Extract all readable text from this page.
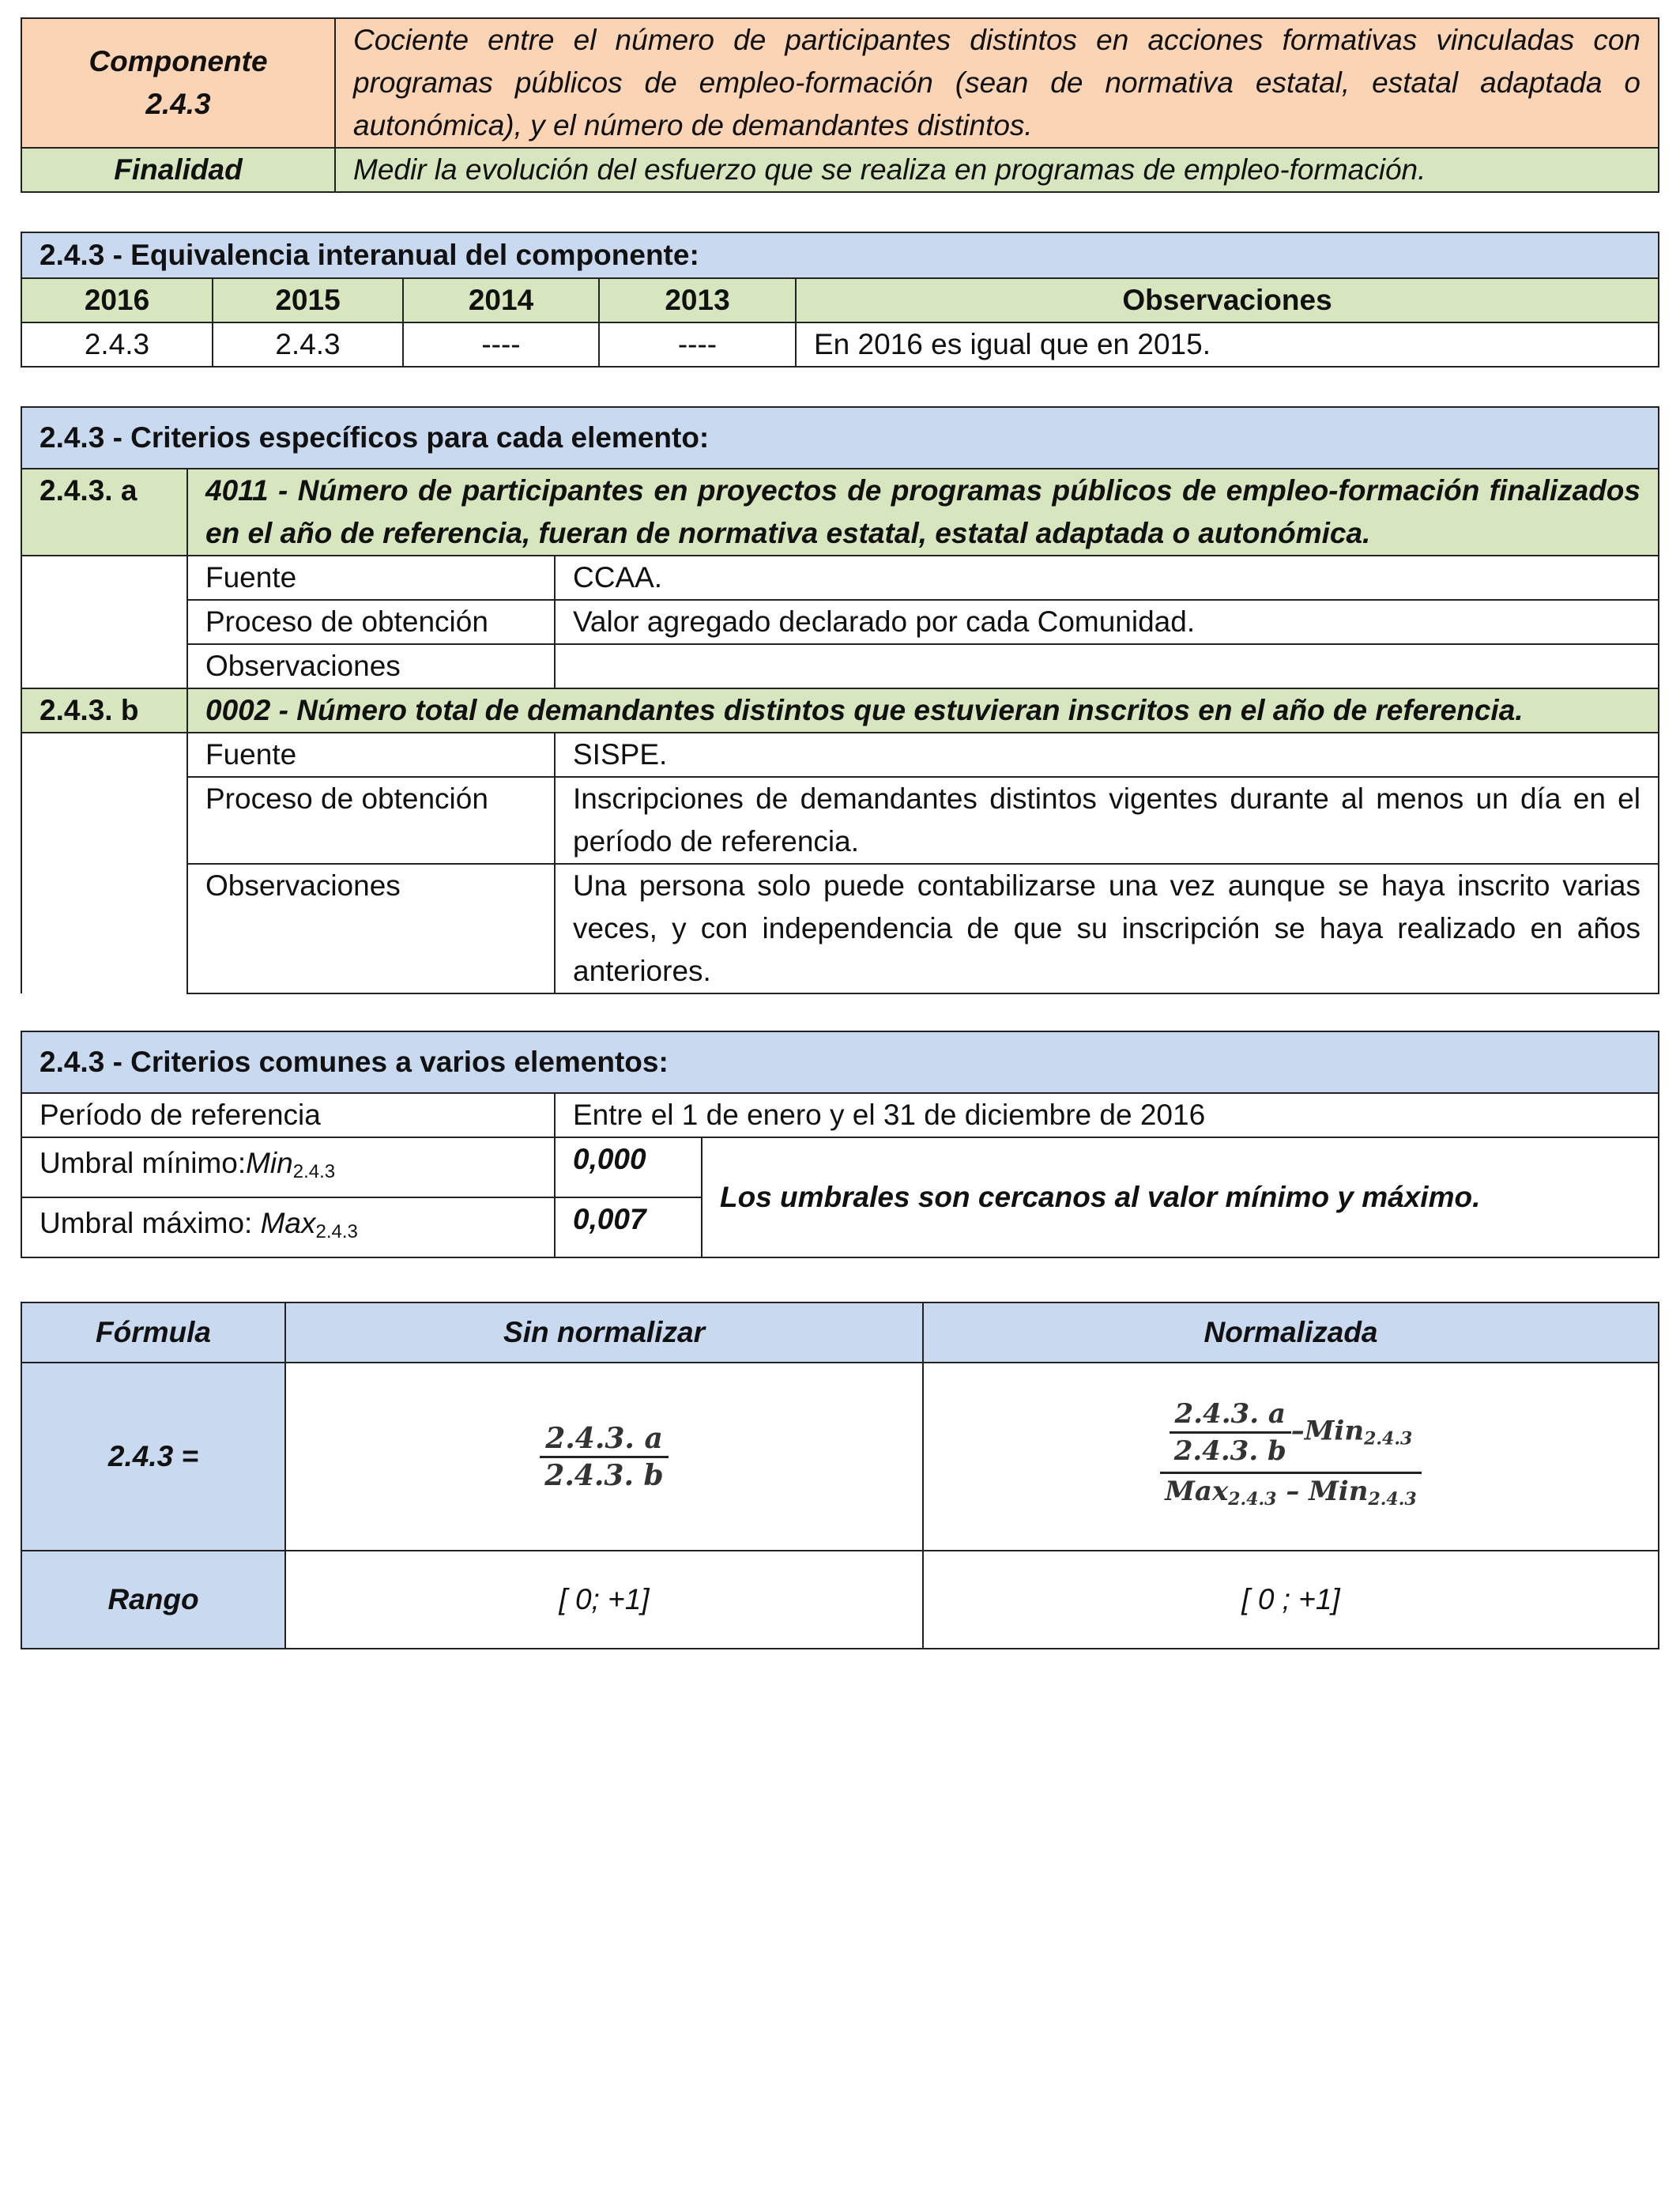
Componente 2.4.3	Cociente entre el número de participantes distintos en acciones formativas vinculadas con programas públicos de empleo-formación (sean de normativa estatal, estatal adaptada o autonómica), y el número de demandantes distintos.
Finalidad	Medir la evolución del esfuerzo que se realiza en programas de empleo-formación.
2.4.3 - Equivalencia interanual del componente:				
2016	2015	2014	2013	Observaciones
2.4.3	2.4.3	----	----	En 2016 es igual que en 2015.
2.4.3 - Criterios específicos para cada elemento:		
2.4.3. a	4011 - Número de participantes en proyectos de programas públicos de empleo-formación finalizados en el año de referencia, fueran de normativa estatal, estatal adaptada o autonómica.	
	Fuente	CCAA.
	Proceso de obtención	Valor agregado declarado por cada Comunidad.
	Observaciones	
2.4.3. b	0002 - Número total de demandantes distintos que estuvieran inscritos en el año de referencia.	
	Fuente	SISPE.
	Proceso de obtención	Inscripciones de demandantes distintos vigentes durante al menos un día en el período de referencia.
	Observaciones	Una persona solo puede contabilizarse una vez aunque se haya inscrito varias veces, y con independencia de que su inscripción se haya realizado en años anteriores.
2.4.3 - Criterios comunes a varios elementos:		
Período de referencia	Entre el 1 de enero y el 31 de diciembre de 2016	
Umbral mínimo:Min$_{2.4.3}$	0,000	Los umbrales son cercanos al valor mínimo y máximo.
Umbral máximo: Max$_{2.4.3}$	0,007	
Fórmula	Sin normalizar	Normalizada
2.4.3 =	$\frac{2.4.3. a}{2.4.3. b}$	$\frac{\frac{2.4.3. a}{2.4.3. b} -Min_{2.4.3}}{Max_{2.4.3} - Min_{2.4.3}}$

Rango	[ 0; +1]	[ 0 ; +1]
